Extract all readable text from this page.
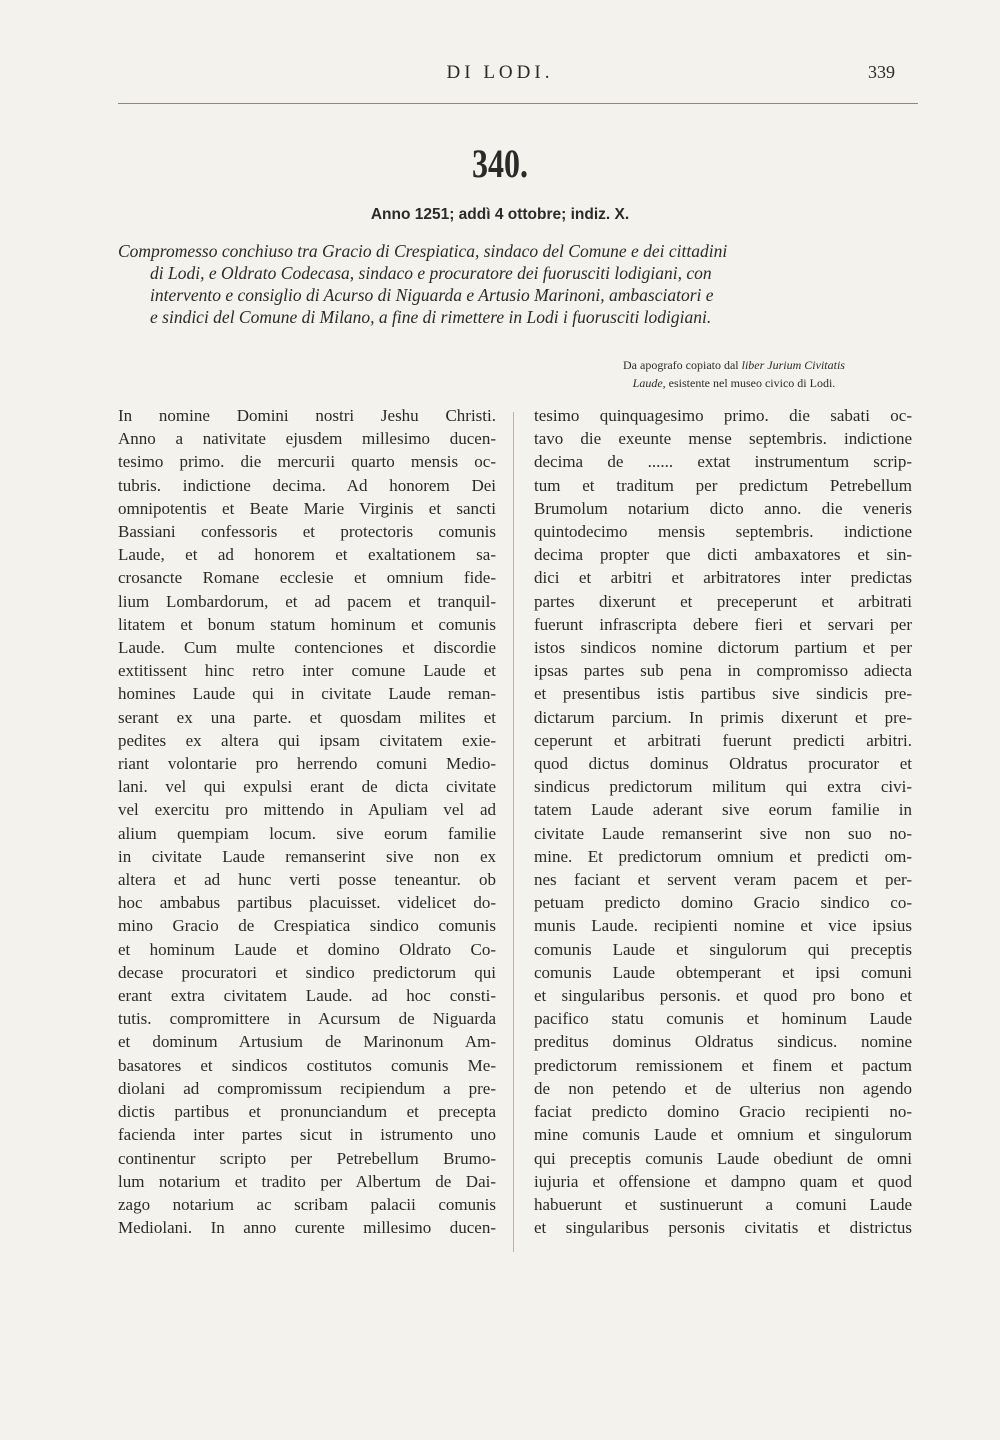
DI LODI.	339
340.
Anno 1251; addì 4 ottobre; indiz. X.
Compromesso conchiuso tra Gracio di Crespiatica, sindaco del Comune e dei cittadini
di Lodi, e Oldrato Codecasa, sindaco e procuratore dei fuorusciti lodigiani, con
intervento e consiglio di Acurso di Niguarda e Artusio Marinoni, ambasciatori e
e sindici del Comune di Milano, a fine di rimettere in Lodi i fuorusciti lodigiani.
Da apografo copiato dal liber Jurium Civitatis
Laude, esistente nel museo civico di Lodi.
In nomine Domini nostri Jeshu Christi.
Anno a nativitate ejusdem millesimo ducen-
tesimo primo. die mercurii quarto mensis oc-
tubris. indictione decima. Ad honorem Dei
omnipotentis et Beate Marie Virginis et sancti
Bassiani confessoris et protectoris comunis
Laude, et ad honorem et exaltationem sa-
crosancte Romane ecclesie et omnium fide-
lium Lombardorum, et ad pacem et tranquil-
litatem et bonum statum hominum et comunis
Laude. Cum multe contenciones et discordie
extitissent hinc retro inter comune Laude et
homines Laude qui in civitate Laude reman-
serant ex una parte. et quosdam milites et
pedites ex altera qui ipsam civitatem exie-
riant volontarie pro herrendo comuni Medio-
lani. vel qui expulsi erant de dicta civitate
vel exercitu pro mittendo in Apuliam vel ad
alium quempiam locum. sive eorum familie
in civitate Laude remanserint sive non ex
altera et ad hunc verti posse teneantur. ob
hoc ambabus partibus placuisset. videlicet do-
mino Gracio de Crespiatica sindico comunis
et hominum Laude et domino Oldrato Co-
decase procuratori et sindico predictorum qui
erant extra civitatem Laude. ad hoc consti-
tutis. compromittere in Acursum de Niguarda
et dominum Artusium de Marinonum Am-
basatores et sindicos costitutos comunis Me-
diolani ad compromissum recipiendum a pre-
dictis partibus et pronunciandum et precepta
facienda inter partes sicut in istrumento uno
continentur scripto per Petrebellum Brumo-
lum notarium et tradito per Albertum de Dai-
zago notarium ac scribam palacii comunis
Mediolani. In anno curente millesimo ducen-
tesimo quinquagesimo primo. die sabati oc-
tavo die exeunte mense septembris. indictione
decima de ...... extat instrumentum scrip-
tum et traditum per predictum Petrebellum
Brumolum notarium dicto anno. die veneris
quintodecimo mensis septembris. indictione
decima propter que dicti ambaxatores et sin-
dici et arbitri et arbitratores inter predictas
partes dixerunt et preceperunt et arbitrati
fuerunt infrascripta debere fieri et servari per
istos sindicos nomine dictorum partium et per
ipsas partes sub pena in compromisso adiecta
et presentibus istis partibus sive sindicis pre-
dictarum parcium. In primis dixerunt et pre-
ceperunt et arbitrati fuerunt predicti arbitri.
quod dictus dominus Oldratus procurator et
sindicus predictorum militum qui extra civi-
tatem Laude aderant sive eorum familie in
civitate Laude remanserint sive non suo no-
mine. Et predictorum omnium et predicti om-
nes faciant et servent veram pacem et per-
petuam predicto domino Gracio sindico co-
munis Laude. recipienti nomine et vice ipsius
comunis Laude et singulorum qui preceptis
comunis Laude obtemperant et ipsi comuni
et singularibus personis. et quod pro bono et
pacifico statu comunis et hominum Laude
preditus dominus Oldratus sindicus. nomine
predictorum remissionem et finem et pactum
de non petendo et de ulterius non agendo
faciat predicto domino Gracio recipienti no-
mine comunis Laude et omnium et singulorum
qui preceptis comunis Laude obediunt de omni
iujuria et offensione et dampno quam et quod
habuerunt et sustinuerunt a comuni Laude
et singularibus personis civitatis et districtus
